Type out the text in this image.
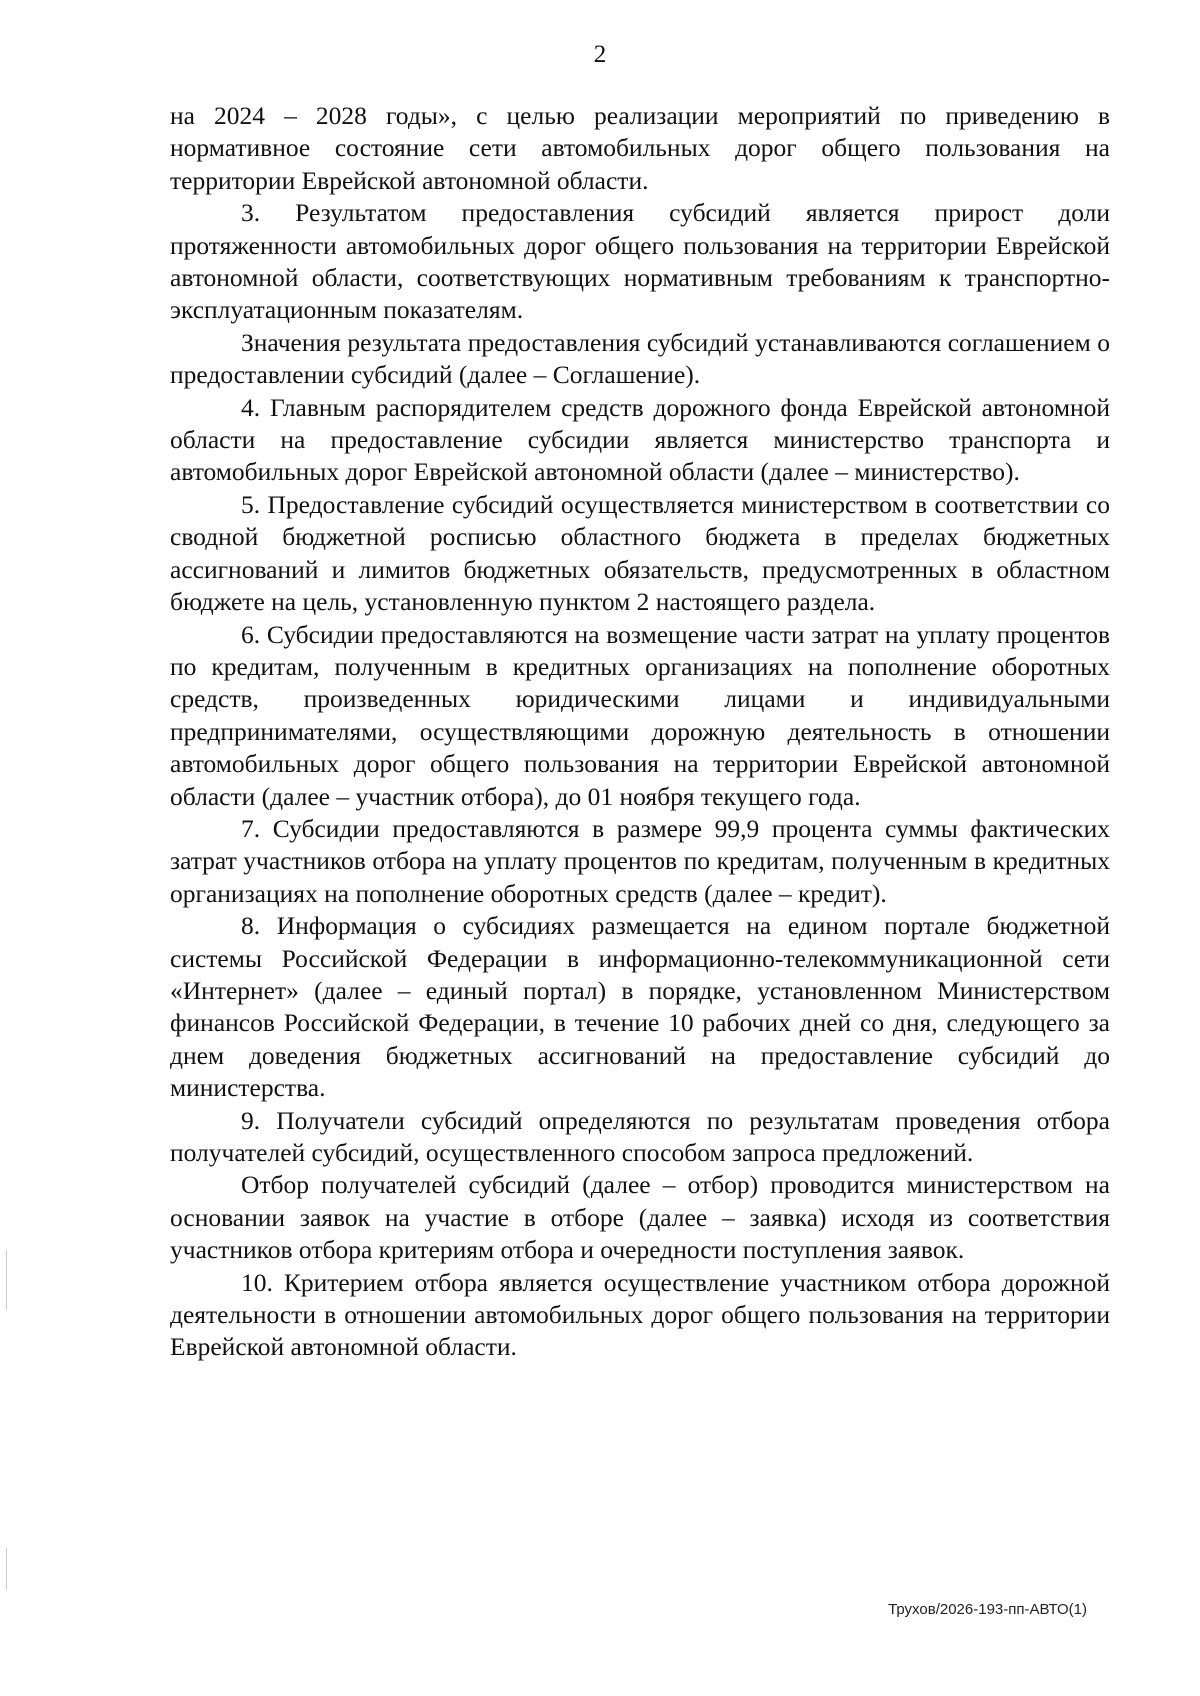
2

на 2024 – 2028 годы», с целью реализации мероприятий по приведению в нормативное состояние сети автомобильных дорог общего пользования на территории Еврейской автономной области.

3. Результатом предоставления субсидий является прирост доли протяженности автомобильных дорог общего пользования на территории Еврейской автономной области, соответствующих нормативным требованиям к транспортно-эксплуатационным показателям.

Значения результата предоставления субсидий устанавливаются соглашением о предоставлении субсидий (далее – Соглашение).

4. Главным распорядителем средств дорожного фонда Еврейской автономной области на предоставление субсидии является министерство транспорта и автомобильных дорог Еврейской автономной области (далее – министерство).

5. Предоставление субсидий осуществляется министерством в соответствии со сводной бюджетной росписью областного бюджета в пределах бюджетных ассигнований и лимитов бюджетных обязательств, предусмотренных в областном бюджете на цель, установленную пунктом 2 настоящего раздела.

6. Субсидии предоставляются на возмещение части затрат на уплату процентов по кредитам, полученным в кредитных организациях на пополнение оборотных средств, произведенных юридическими лицами и индивидуальными предпринимателями, осуществляющими дорожную деятельность в отношении автомобильных дорог общего пользования на территории Еврейской автономной области (далее – участник отбора), до 01 ноября текущего года.

7. Субсидии предоставляются в размере 99,9 процента суммы фактических затрат участников отбора на уплату процентов по кредитам, полученным в кредитных организациях на пополнение оборотных средств (далее – кредит).

8. Информация о субсидиях размещается на едином портале бюджетной системы Российской Федерации в информационно-телекоммуникационной сети «Интернет» (далее – единый портал) в порядке, установленном Министерством финансов Российской Федерации, в течение 10 рабочих дней со дня, следующего за днем доведения бюджетных ассигнований на предоставление субсидий до министерства.

9. Получатели субсидий определяются по результатам проведения отбора получателей субсидий, осуществленного способом запроса предложений.

Отбор получателей субсидий (далее – отбор) проводится министерством на основании заявок на участие в отборе (далее – заявка) исходя из соответствия участников отбора критериям отбора и очередности поступления заявок.

10. Критерием отбора является осуществление участником отбора дорожной деятельности в отношении автомобильных дорог общего пользования на территории Еврейской автономной области.

Трухов/2026-193-пп-АВТО(1)
